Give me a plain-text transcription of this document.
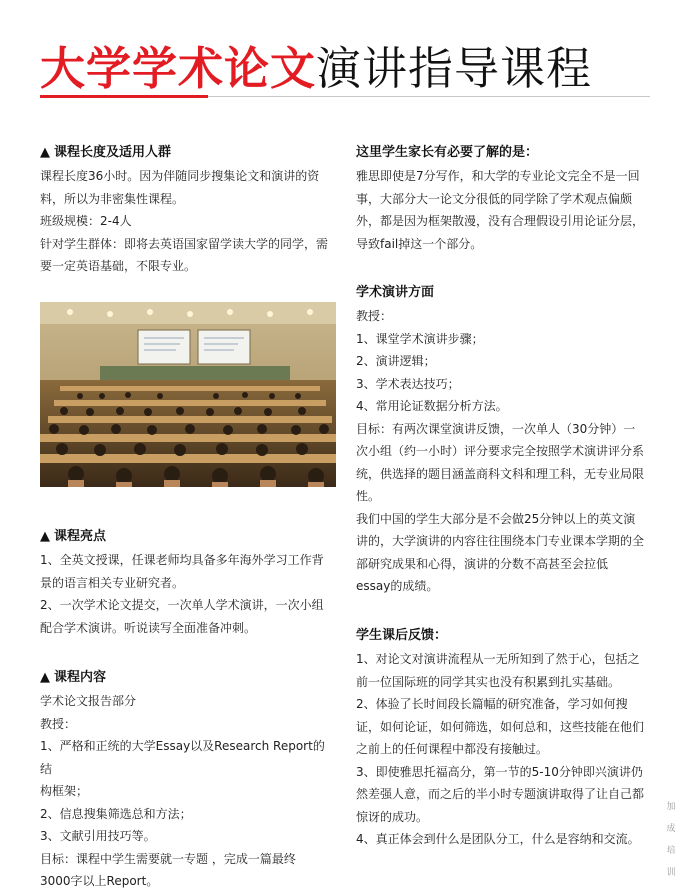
大学学术论文演讲指导课程
▲ 课程长度及适用人群
课程长度36小时。因为伴随同步搜集论文和演讲的资
料，所以为非密集性课程。
班级规模：2-4人
针对学生群体：即将去英语国家留学读大学的同学，需
要一定英语基础，不限专业。
▲ 课程亮点
1、全英文授课，任课老师均具备多年海外学习工作背
景的语言相关专业研究者。
2、一次学术论文提交，一次单人学术演讲，一次小组
配合学术演讲。听说读写全面准备冲刺。
▲ 课程内容
学术论文报告部分
教授：
1、严格和正统的大学Essay以及Research Report的结
构框架；
2、信息搜集筛选总和方法；
3、文献引用技巧等。
目标：课程中学生需要就一专题 ，完成一篇最终
3000字以上Report。
这里学生家长有必要了解的是：
雅思即使是7分写作，和大学的专业论文完全不是一回
事，大部分大一论文分很低的同学除了学术观点偏颇
外，都是因为框架散漫，没有合理假设引用论证分层，
导致fail掉这一个部分。
学术演讲方面
教授：
1、课堂学术演讲步骤；
2、演讲逻辑；
3、学术表达技巧；
4、常用论证数据分析方法。
目标：有两次课堂演讲反馈，一次单人（30分钟）一
次小组（约一小时）评分要求完全按照学术演讲评分系
统，供选择的题目涵盖商科文科和理工科，无专业局限
性。
我们中国的学生大部分是不会做25分钟以上的英文演
讲的，大学演讲的内容往往围绕本门专业课本学期的全
部研究成果和心得，演讲的分数不高甚至会拉低
essay的成绩。
学生课后反馈：
1、对论文对演讲流程从一无所知到了然于心，包括之
前一位国际班的同学其实也没有积累到扎实基础。
2、体验了长时间段长篇幅的研究准备，学习如何搜
证，如何论证，如何筛选，如何总和，这些技能在他们
之前上的任何课程中都没有接触过。
3、即使雅思托福高分，第一节的5-10分钟即兴演讲仍
然差强人意，而之后的半小时专题演讲取得了让自己都
惊讶的成功。
4、真正体会到什么是团队分工，什么是容纳和交流。
加
成
培
训
